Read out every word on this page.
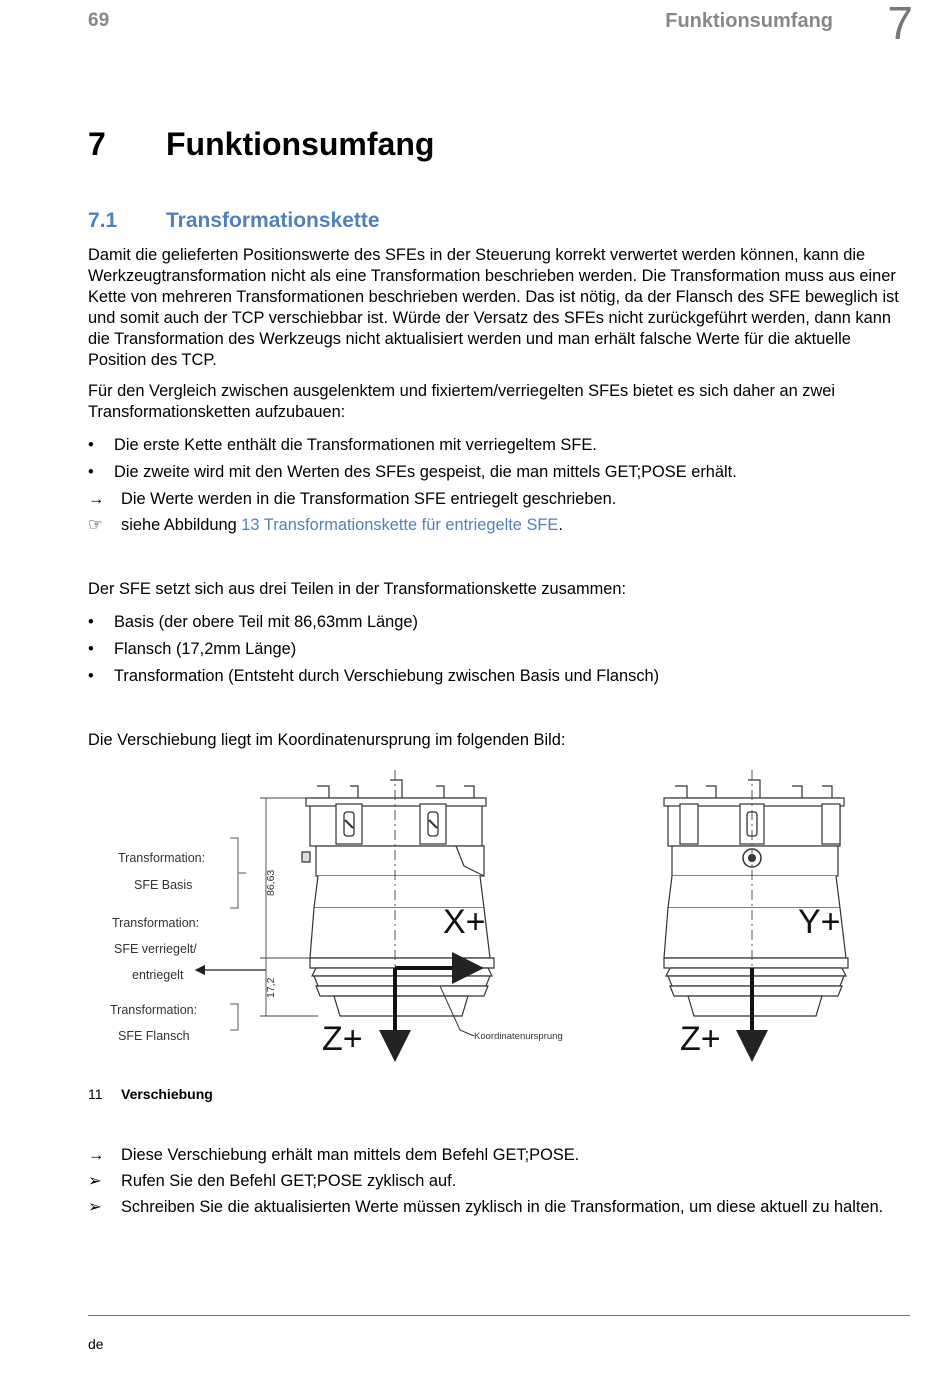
69	Funktionsumfang 7
7 Funktionsumfang
7.1 Transformationskette

Damit die gelieferten Positionswerte des SFEs in der Steuerung korrekt verwertet werden können, kann die Werkzeugtransformation nicht als eine Transformation beschrieben werden. Die Transformation muss aus einer Kette von mehreren Transformationen beschrieben werden. Das ist nötig, da der Flansch des SFE beweglich ist und somit auch der TCP verschiebbar ist. Würde der Versatz des SFEs nicht zurückgeführt werden, dann kann die Transformation des Werkzeugs nicht aktualisiert werden und man erhält falsche Werte für die aktuelle Position des TCP.

Für den Vergleich zwischen ausgelenktem und fixiertem/verriegelten SFEs bietet es sich daher an zwei Transformationsketten aufzubauen:

•	Die erste Kette enthält die Transformationen mit verriegeltem SFE.
•	Die zweite wird mit den Werten des SFEs gespeist, die man mittels GET;POSE erhält.
→	Die Werte werden in die Transformation SFE entriegelt geschrieben.
☞	siehe Abbildung 13 Transformationskette für entriegelte SFE.

Der SFE setzt sich aus drei Teilen in der Transformationskette zusammen:

•	Basis (der obere Teil mit 86,63mm Länge)
•	Flansch (17,2mm Länge)
•	Transformation (Entsteht durch Verschiebung zwischen Basis und Flansch)

Die Verschiebung liegt im Koordinatenursprung im folgenden Bild:

Transformation:
SFE Basis
Transformation:
SFE verriegelt/
entriegelt
Transformation:
SFE Flansch
86,63
17,2
X+
Z+	Koordinatenursprung
Y+
Z+
11 Verschiebung
→	Diese Verschiebung erhält man mittels dem Befehl GET;POSE.
➢	Rufen Sie den Befehl GET;POSE zyklisch auf.
➢	Schreiben Sie die aktualisierten Werte müssen zyklisch in die Transformation, um diese aktuell zu halten.
de
